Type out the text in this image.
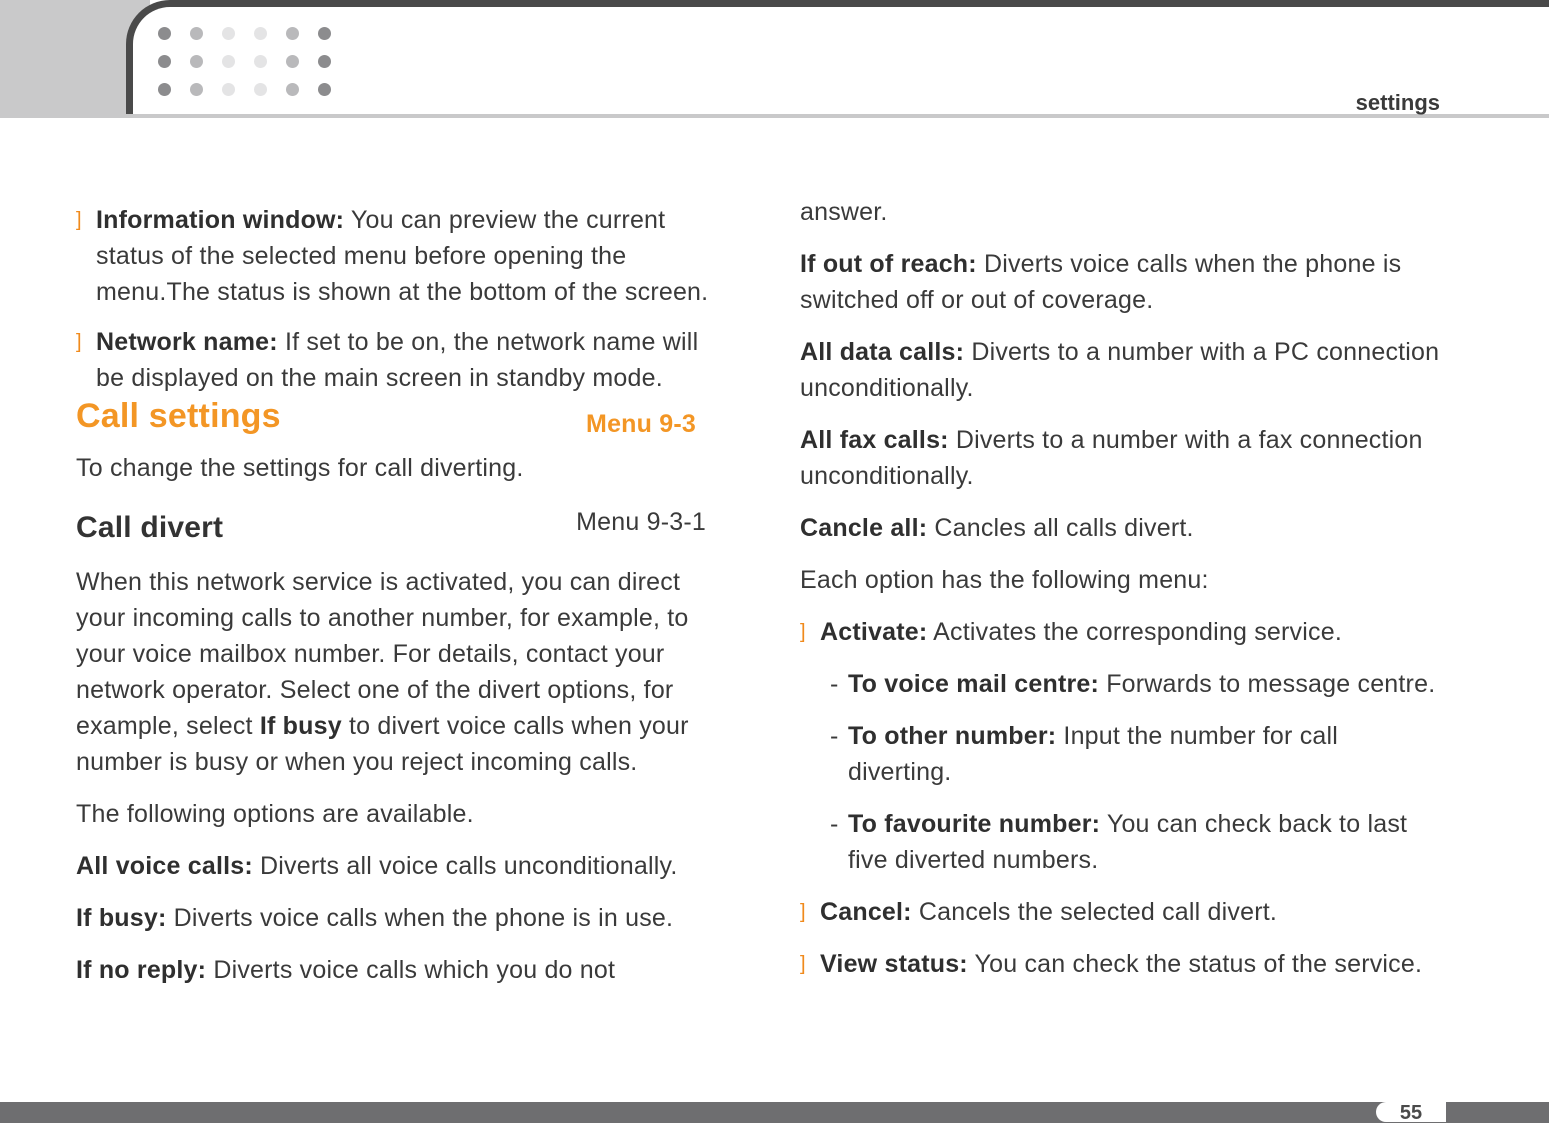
settings
] Information window: You can preview the current status of the selected menu before opening the menu.The status is shown at the bottom of the screen.
] Network name: If set to be on, the network name will be displayed on the main screen in standby mode.
Call settings	Menu 9-3

To change the settings for call diverting.

Call divert	Menu 9-3-1

When this network service is activated, you can direct your incoming calls to another number, for example, to your voice mailbox number. For details, contact your network operator. Select one of the divert options, for example, select If busy to divert voice calls when your number is busy or when you reject incoming calls.

The following options are available.

All voice calls: Diverts all voice calls unconditionally.

If busy: Diverts voice calls when the phone is in use.

If no reply: Diverts voice calls which you do not

answer.

If out of reach: Diverts voice calls when the phone is switched off or out of coverage.

All data calls: Diverts to a number with a PC connection unconditionally.

All fax calls: Diverts to a number with a fax connection unconditionally.

Cancle all: Cancles all calls divert.

Each option has the following menu:

] Activate: Activates the corresponding service.
- To voice mail centre: Forwards to message centre.
- To other number: Input the number for call diverting.
- To favourite number: You can check back to last five diverted numbers.
] Cancel: Cancels the selected call divert.
] View status: You can check the status of the service.
55
